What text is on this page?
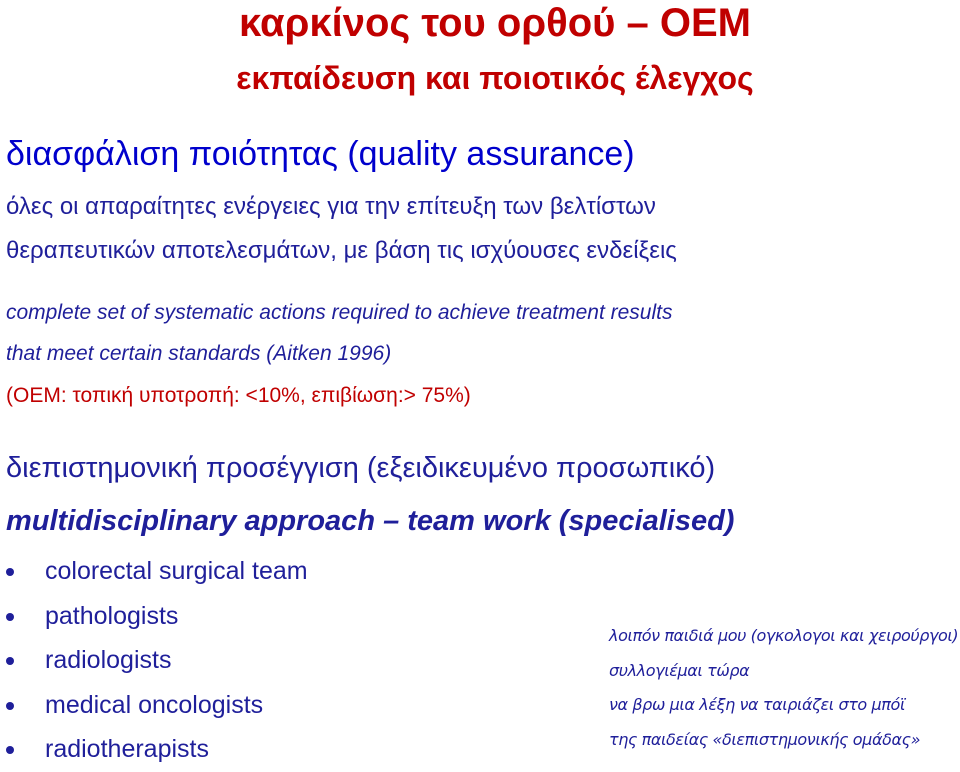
καρκίνος του ορθού – ΟΕΜ
εκπαίδευση και ποιοτικός έλεγχος
διασφάλιση ποιότητας (quality assurance)
όλες οι απαραίτητες ενέργειες για την επίτευξη των βελτίστων
θεραπευτικών αποτελεσμάτων, με βάση τις ισχύουσες ενδείξεις
complete set of systematic actions required to achieve treatment results
that meet certain standards (Aitken 1996)
(ΟΕΜ: τοπική υποτροπή: <10%, επιβίωση:> 75%)
διεπιστημονική προσέγγιση (εξειδικευμένο προσωπικό)
multidisciplinary approach – team work (specialised)
colorectal surgical team
pathologists
radiologists
medical oncologists
radiotherapists
λοιπόν παιδιά μου (ογκολογοι και χειρούργοι)
συλλογιέμαι τώρα
να βρω μια λέξη να ταιριάζει στο μπόϊ
της παιδείας «διεπιστημονικής ομάδας»
